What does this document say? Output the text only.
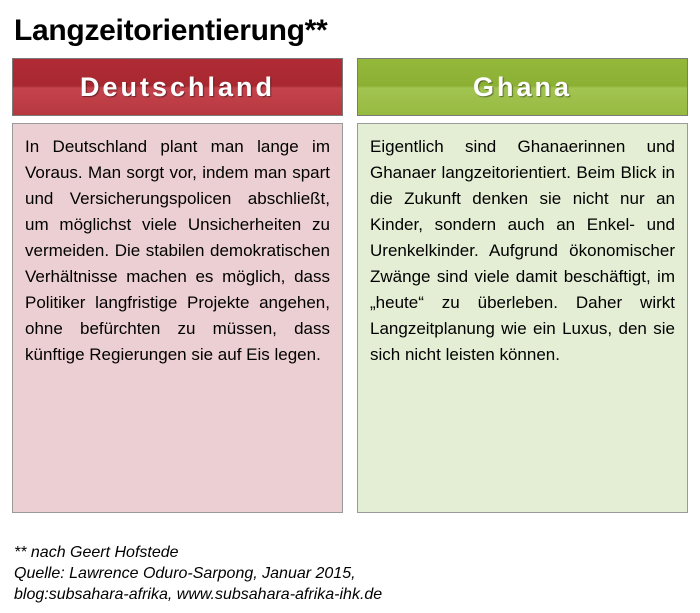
Langzeitorientierung**
Deutschland

In Deutschland plant man lange im Voraus. Man sorgt vor, indem man spart und Versicherungspolicen abschließt, um möglichst viele Unsicherheiten zu vermeiden. Die stabilen demokratischen Verhältnisse machen es möglich, dass Politiker langfristige Projekte angehen, ohne befürchten zu müssen, dass künftige Regierungen sie auf Eis legen.

Ghana

Eigentlich sind Ghanaerinnen und Ghanaer langzeitorientiert. Beim Blick in die Zukunft denken sie nicht nur an Kinder, sondern auch an Enkel- und Urenkelkinder. Aufgrund ökonomischer Zwänge sind viele damit beschäftigt, im „heute“ zu überleben. Daher wirkt Langzeitplanung wie ein Luxus, den sie sich nicht leisten können.

** nach Geert Hofstede
Quelle: Lawrence Oduro-Sarpong, Januar 2015,
blog:subsahara-afrika, www.subsahara-afrika-ihk.de
